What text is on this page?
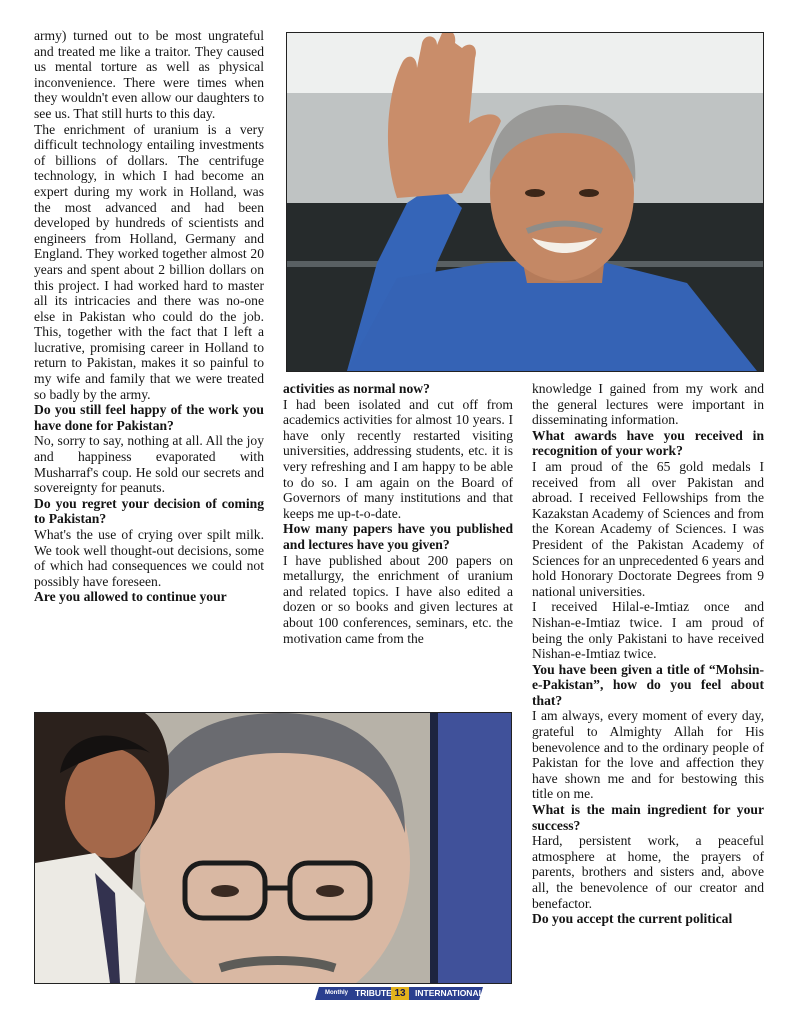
army) turned out to be most ungrateful and treated me like a traitor. They caused us mental torture as well as physical inconvenience. There were times when they wouldn't even allow our daughters to see us. That still hurts to this day.

The enrichment of uranium is a very difficult technology entailing investments of billions of dollars. The centrifuge technology, in which I had become an expert during my work in Holland, was the most advanced and had been developed by hundreds of scientists and engineers from Holland, Germany and England. They worked together almost 20 years and spent about 2 billion dollars on this project. I had worked hard to master all its intricacies and there was no-one else in Pakistan who could do the job. This, together with the fact that I left a lucrative, promising career in Holland to return to Pakistan, makes it so painful to my wife and family that we were treated so badly by the army.

Do you still feel happy of the work you have done for Pakistan?

No, sorry to say, nothing at all. All the joy and happiness evaporated with Musharraf's coup. He sold our secrets and sovereignty for peanuts.

Do you regret your decision of coming to Pakistan?

What's the use of crying over spilt milk. We took well thought-out decisions, some of which had consequences we could not possibly have foreseen.

Are you allowed to continue your

activities as normal now?

I had been isolated and cut off from academics activities for almost 10 years. I have only recently restarted visiting universities, addressing students, etc. it is very refreshing and I am happy to be able to do so. I am again on the Board of Governors of many institutions and that keeps me up-t-o-date.

How many papers have you published and lectures have you given?

I have published about 200 papers on metallurgy, the enrichment of uranium and related topics. I have also edited a dozen or so books and given lectures at about 100 conferences, seminars, etc. the motivation came from the

knowledge I gained from my work and the general lectures were important in disseminating information.

What awards have you received in recognition of your work?

I am proud of the 65 gold medals I received from all over Pakistan and abroad. I received Fellowships from the Kazakstan Academy of Sciences and from the Korean Academy of Sciences. I was President of the Pakistan Academy of Sciences for an unprecedented 6 years and hold Honorary Doctorate Degrees from 9 national universities.

I received Hilal-e-Imtiaz once and Nishan-e-Imtiaz twice. I am proud of being the only Pakistani to have received Nishan-e-Imtiaz twice.

You have been given a title of “Mohsin-e-Pakistan”, how do you feel about that?

I am always, every moment of every day, grateful to Almighty Allah for His benevolence and to the ordinary people of Pakistan for the love and affection they have shown me and for bestowing this title on me.

What is the main ingredient for your success?

Hard, persistent work, a peaceful atmosphere at home, the prayers of parents, brothers and sisters and, above all, the benevolence of our creator and benefactor.

Do you accept the current political

Monthly TRIBUTE 13	INTERNATIONAL
